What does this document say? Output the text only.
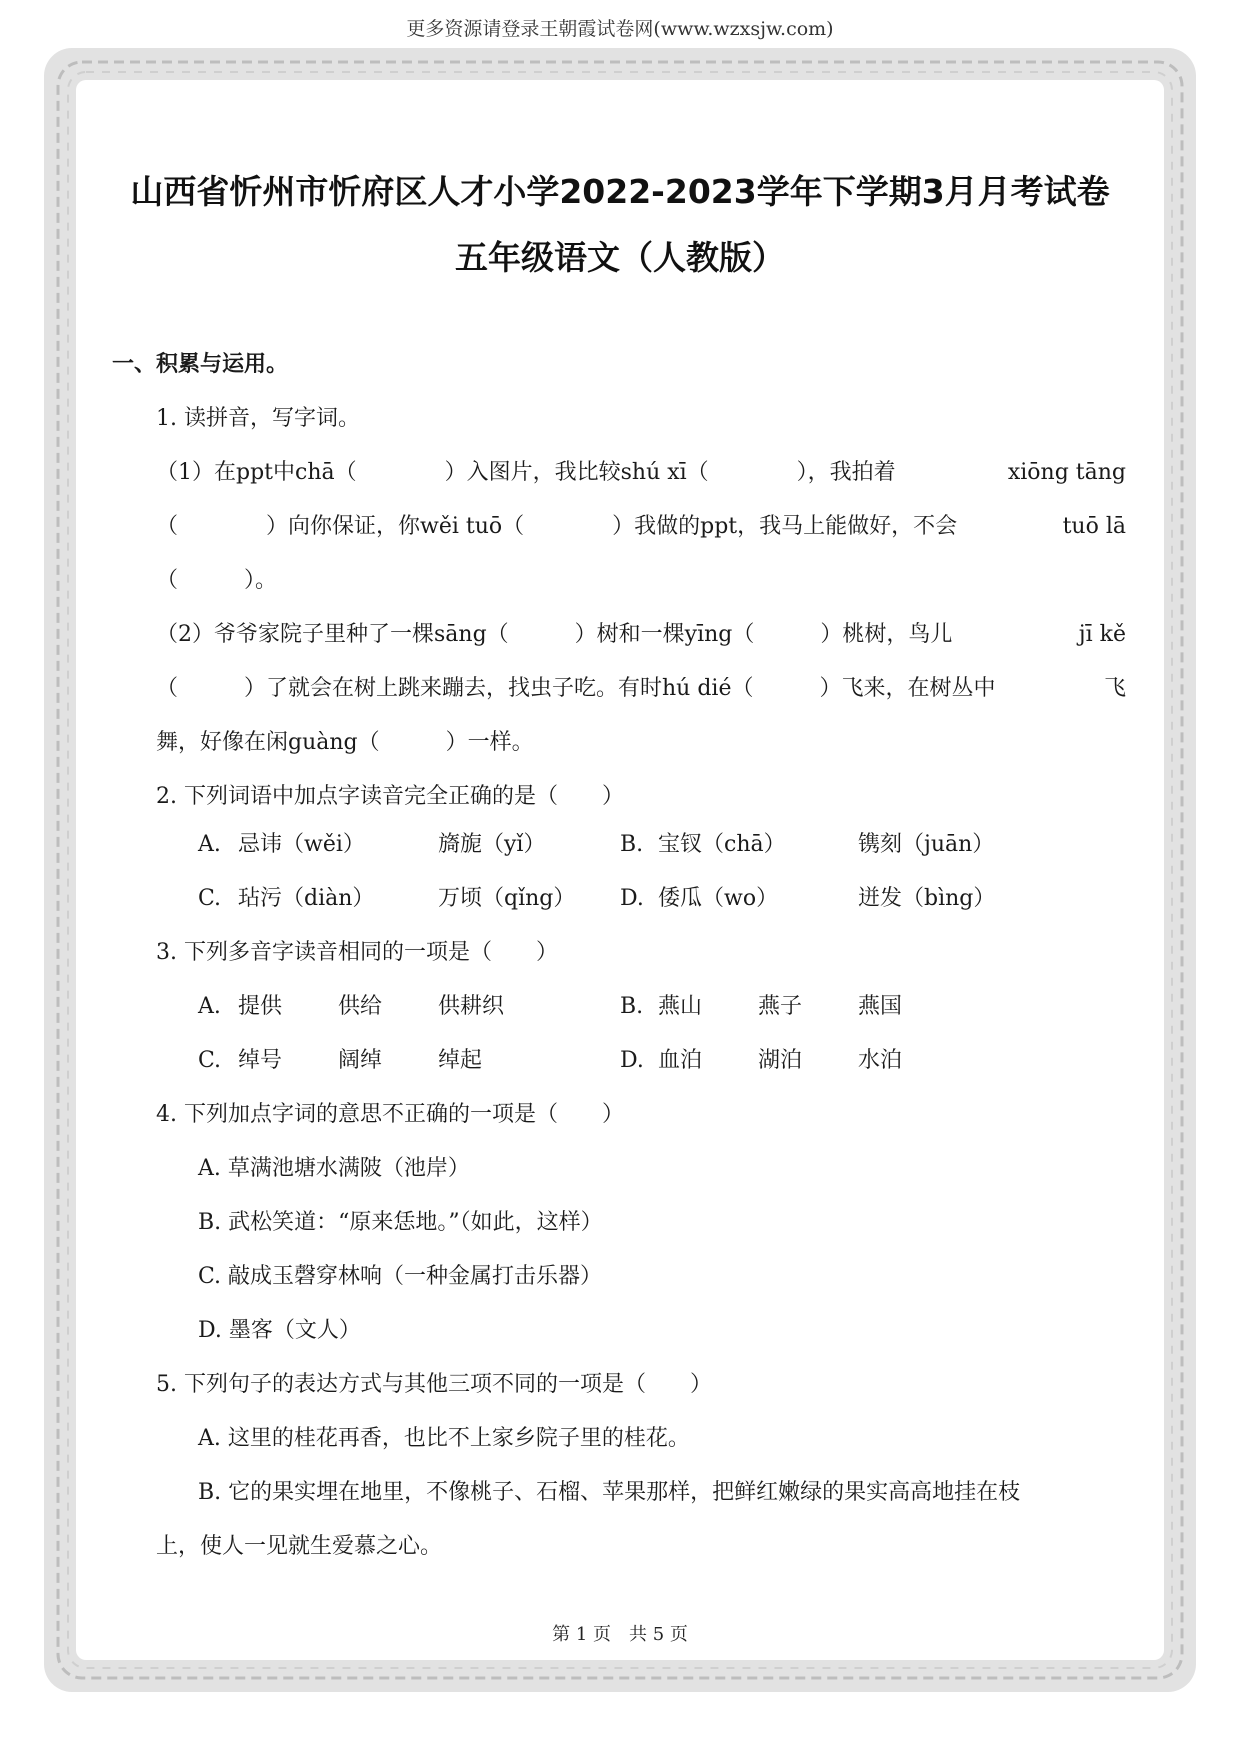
更多资源请登录王朝霞试卷网(www.wzxsjw.com)
山西省忻州市忻府区人才小学2022-2023学年下学期3月月考试卷
五年级语文（人教版）
一、积累与运用。
1. 读拼音，写字词。
（1）在ppt中chā（　　　　）入图片，我比较shú xī（　　　　），我拍着	xiōng tāng
（　　　　）向你保证，你wěi tuō（　　　　）我做的ppt，我马上能做好，不会	tuō lā
（　　　）。
（2）爷爷家院子里种了一棵sāng（　　　）树和一棵yīng（　　　）桃树，鸟儿	jī kě
（　　　）了就会在树上跳来蹦去，找虫子吃。有时hú dié（　　　）飞来，在树丛中	飞
舞，好像在闲guàng（　　　）一样。
2. 下列词语中加点字读音完全正确的是（　　）
A. 忌讳（wěi）	旖旎（yǐ）	B. 宝钗（chā）	镌刻（juān）
C. 玷污（diàn）	万顷（qǐng） D. 倭瓜（wo）	迸发（bìng）
3. 下列多音字读音相同的一项是（　　）
A. 提供	供给	供耕织	B. 燕山	燕子	燕国
C. 绰号	阔绰	绰起	D. 血泊	湖泊	水泊
4. 下列加点字词的意思不正确的一项是（　　）
A. 草满池塘水满陂（池岸）
B. 武松笑道：“原来恁地。”（如此，这样）
C. 敲成玉磬穿林响（一种金属打击乐器）
D. 墨客（文人）
5. 下列句子的表达方式与其他三项不同的一项是（　　）
A. 这里的桂花再香，也比不上家乡院子里的桂花。
B. 它的果实埋在地里，不像桃子、石榴、苹果那样，把鲜红嫩绿的果实高高地挂在枝
上，使人一见就生爱慕之心。
第 1 页　共 5 页
